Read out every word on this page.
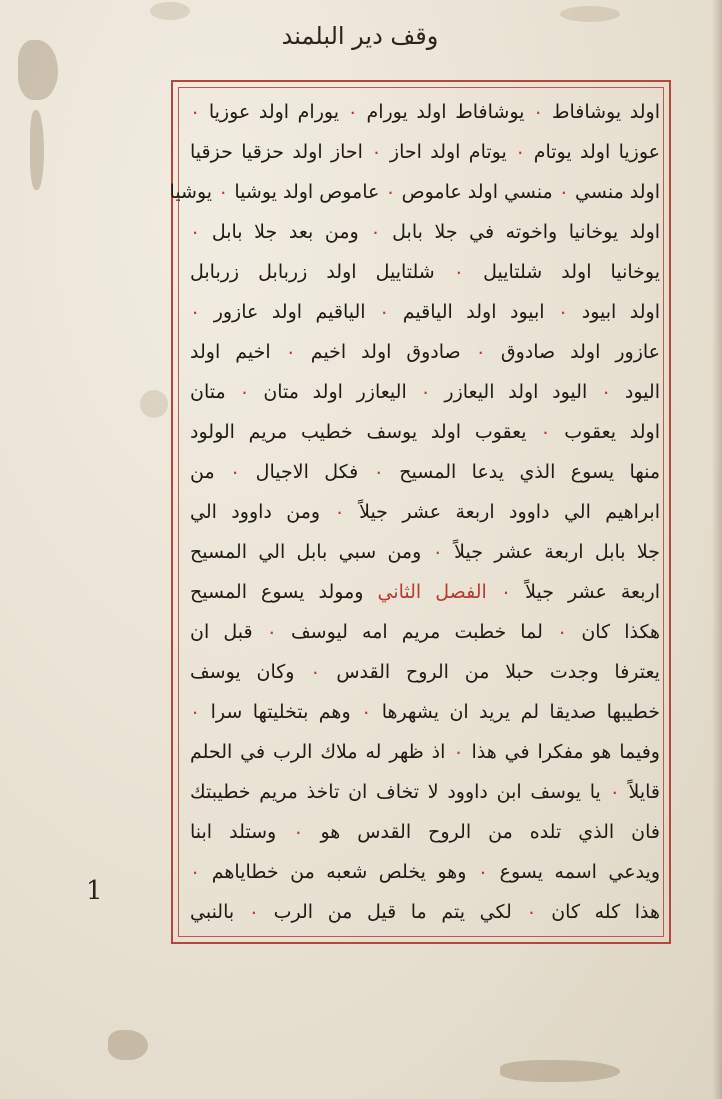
وقف دير البلمند
اولد يوشافاط ٠ يوشافاط اولد يورام ٠ يورام اولد عوزيا ٠
عوزيا اولد يوتام ٠ يوتام اولد احاز ٠ احاز اولد حزقيا حزقيا
اولد منسي ٠ منسي اولد عاموص ٠ عاموص اولد يوشيا ٠ يوشيا
اولد يوخانيا واخوته في جلا بابل ٠ ومن بعد جلا بابل ٠
يوخانيا اولد شلتاييل ٠ شلتاييل اولد زربابل زربابل
اولد ابيود ٠ ابيود اولد الياقيم ٠ الياقيم اولد عازور ٠
عازور اولد صادوق ٠ صادوق اولد اخيم ٠ اخيم اولد
اليود ٠ اليود اولد اليعازر ٠ اليعازر اولد متان ٠ متان
اولد يعقوب ٠ يعقوب اولد يوسف خطيب مريم الولود
منها يسوع الذي يدعا المسيح ٠ فكل الاجيال ٠ من
ابراهيم الي داوود اربعة عشر جيلاً ٠ ومن داوود الي
جلا بابل اربعة عشر جيلاً ٠ ومن سبي بابل الي المسيح
اربعة عشر جيلاً ٠ الفصل الثاني ومولد يسوع المسيح
هكذا كان ٠ لما خطبت مريم امه ليوسف ٠ قبل ان
يعترفا وجدت حبلا من الروح القدس ٠ وكان يوسف
خطيبها صديقا لم يريد ان يشهرها ٠ وهم بتخليتها سرا ٠
وفيما هو مفكرا في هذا ٠ اذ ظهر له ملاك الرب في الحلم
قايلاً ٠ يا يوسف ابن داوود لا تخاف ان تاخذ مريم خطيبتك
فان الذي تلده من الروح القدس هو ٠ وستلد ابنا
ويدعي اسمه يسوع ٠ وهو يخلص شعبه من خطاياهم ٠
هذا كله كان ٠ لكي يتم ما قيل من الرب ٠ بالنبي
1
